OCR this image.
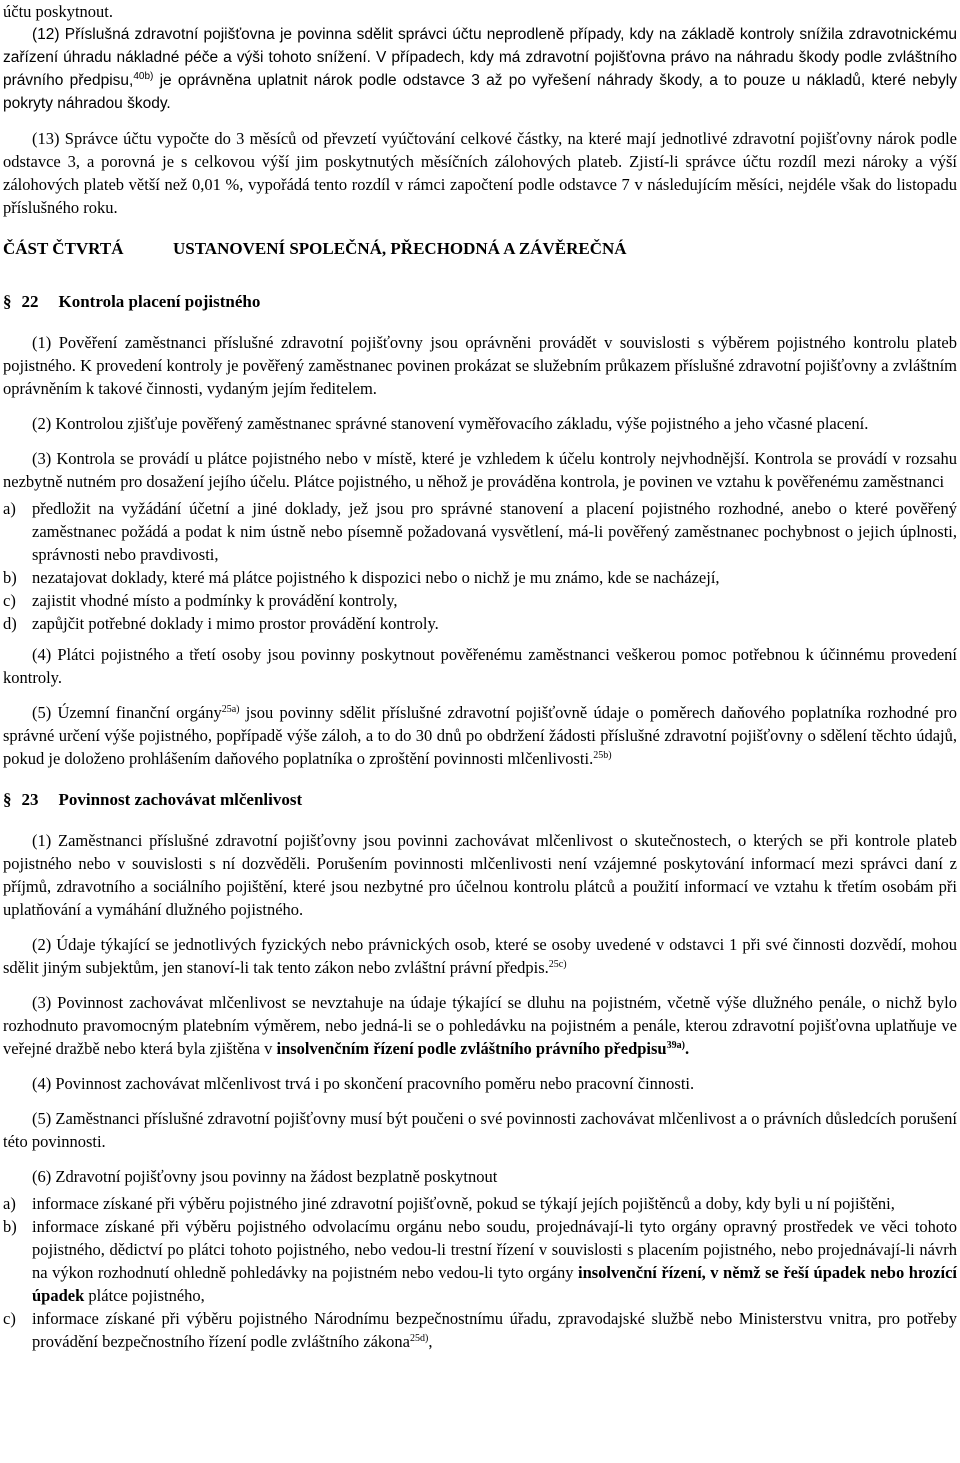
účtu poskytnout.

(12) Příslušná zdravotní pojišťovna je povinna sdělit správci účtu neprodleně případy, kdy na základě kontroly snížila zdravotnickému zařízení úhradu nákladné péče a výši tohoto snížení. V případech, kdy má zdravotní pojišťovna právo na náhradu škody podle zvláštního právního předpisu,$^{40b)}$ je oprávněna uplatnit nárok podle odstavce 3 až po vyřešení náhrady škody, a to pouze u nákladů, které nebyly pokryty náhradou škody.

(13) Správce účtu vypočte do 3 měsíců od převzetí vyúčtování celkové částky, na které mají jednotlivé zdravotní pojišťovny nárok podle odstavce 3, a porovná je s celkovou výší jim poskytnutých měsíčních zálohových plateb. Zjistí-li správce účtu rozdíl mezi nároky a výší zálohových plateb větší než 0,01 %, vypořádá tento rozdíl v rámci započtení podle odstavce 7 v následujícím měsíci, nejdéle však do listopadu příslušného roku.

ČÁST ČTVRTÁ	USTANOVENÍ SPOLEČNÁ, PŘECHODNÁ A ZÁVĚREČNÁ
§ 22 Kontrola placení pojistného

(1) Pověření zaměstnanci příslušné zdravotní pojišťovny jsou oprávněni provádět v souvislosti s výběrem pojistného kontrolu plateb pojistného. K provedení kontroly je pověřený zaměstnanec povinen prokázat se služebním průkazem příslušné zdravotní pojišťovny a zvláštním oprávněním k takové činnosti, vydaným jejím ředitelem.

(2) Kontrolou zjišťuje pověřený zaměstnanec správné stanovení vyměřovacího základu, výše pojistného a jeho včasné placení.

(3) Kontrola se provádí u plátce pojistného nebo v místě, které je vzhledem k účelu kontroly nejvhodnější. Kontrola se provádí v rozsahu nezbytně nutném pro dosažení jejího účelu. Plátce pojistného, u něhož je prováděna kontrola, je povinen ve vztahu k pověřenému zaměstnanci

a) předložit na vyžádání účetní a jiné doklady, jež jsou pro správné stanovení a placení pojistného rozhodné, anebo o které pověřený zaměstnanec požádá a podat k nim ústně nebo písemně požadovaná vysvětlení, má-li pověřený zaměstnanec pochybnost o jejich úplnosti, správnosti nebo pravdivosti,
b) nezatajovat doklady, které má plátce pojistného k dispozici nebo o nichž je mu známo, kde se nacházejí,
c) zajistit vhodné místo a podmínky k provádění kontroly,
d) zapůjčit potřebné doklady i mimo prostor provádění kontroly.

(4) Plátci pojistného a třetí osoby jsou povinny poskytnout pověřenému zaměstnanci veškerou pomoc potřebnou k účinnému provedení kontroly.

(5) Územní finanční orgány$^{25a)}$ jsou povinny sdělit příslušné zdravotní pojišťovně údaje o poměrech daňového poplatníka rozhodné pro správné určení výše pojistného, popřípadě výše záloh, a to do 30 dnů po obdržení žádosti příslušné zdravotní pojišťovny o sdělení těchto údajů, pokud je doloženo prohlášením daňového poplatníka o zproštění povinnosti mlčenlivosti.$^{25b)}$

§ 23 Povinnost zachovávat mlčenlivost

(1) Zaměstnanci příslušné zdravotní pojišťovny jsou povinni zachovávat mlčenlivost o skutečnostech, o kterých se při kontrole plateb pojistného nebo v souvislosti s ní dozvěděli. Porušením povinnosti mlčenlivosti není vzájemné poskytování informací mezi správci daní z příjmů, zdravotního a sociálního pojištění, které jsou nezbytné pro účelnou kontrolu plátců a použití informací ve vztahu k třetím osobám při uplatňování a vymáhání dlužného pojistného.

(2) Údaje týkající se jednotlivých fyzických nebo právnických osob, které se osoby uvedené v odstavci 1 při své činnosti dozvědí, mohou sdělit jiným subjektům, jen stanoví-li tak tento zákon nebo zvláštní právní předpis.$^{25c)}$

(3) Povinnost zachovávat mlčenlivost se nevztahuje na údaje týkající se dluhu na pojistném, včetně výše dlužného penále, o nichž bylo rozhodnuto pravomocným platebním výměrem, nebo jedná-li se o pohledávku na pojistném a penále, kterou zdravotní pojišťovna uplatňuje ve veřejné dražbě nebo která byla zjištěna v insolvenčním řízení podle zvláštního právního předpisu$^{39a)}$.

(4) Povinnost zachovávat mlčenlivost trvá i po skončení pracovního poměru nebo pracovní činnosti.

(5) Zaměstnanci příslušné zdravotní pojišťovny musí být poučeni o své povinnosti zachovávat mlčenlivost a o právních důsledcích porušení této povinnosti.

(6) Zdravotní pojišťovny jsou povinny na žádost bezplatně poskytnout

a) informace získané při výběru pojistného jiné zdravotní pojišťovně, pokud se týkají jejích pojištěnců a doby, kdy byli u ní pojištěni,
b) informace získané při výběru pojistného odvolacímu orgánu nebo soudu, projednávají-li tyto orgány opravný prostředek ve věci tohoto pojistného, dědictví po plátci tohoto pojistného, nebo vedou-li trestní řízení v souvislosti s placením pojistného, nebo projednávají-li návrh na výkon rozhodnutí ohledně pohledávky na pojistném nebo vedou-li tyto orgány insolvenční řízení, v němž se řeší úpadek nebo hrozící úpadek plátce pojistného,
c) informace získané při výběru pojistného Národnímu bezpečnostnímu úřadu, zpravodajské službě nebo Ministerstvu vnitra, pro potřeby provádění bezpečnostního řízení podle zvláštního zákona$^{25d)}$,
